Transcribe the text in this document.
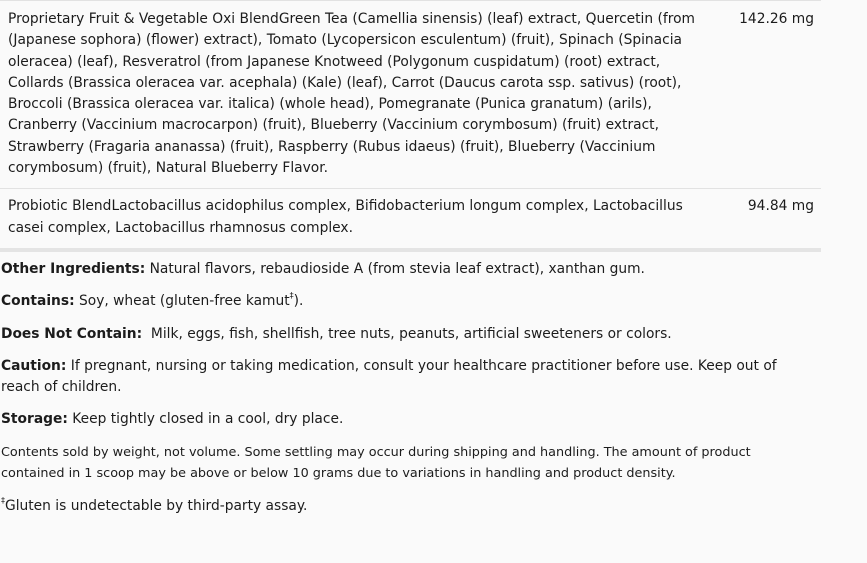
Proprietary Fruit & Vegetable Oxi BlendGreen Tea (Camellia sinensis) (leaf) extract, Quercetin (from (Japanese sophora) (flower) extract), Tomato (Lycopersicon esculentum) (fruit), Spinach (Spinacia oleracea) (leaf), Resveratrol (from Japanese Knotweed (Polygonum cuspidatum) (root) extract, Collards (Brassica oleracea var. acephala) (Kale) (leaf), Carrot (Daucus carota ssp. sativus) (root), Broccoli (Brassica oleracea var. italica) (whole head), Pomegranate (Punica granatum) (arils), Cranberry (Vaccinium macrocarpon) (fruit), Blueberry (Vaccinium corymbosum) (fruit) extract, Strawberry (Fragaria ananassa) (fruit), Raspberry (Rubus idaeus) (fruit), Blueberry (Vaccinium corymbosum) (fruit), Natural Blueberry Flavor.
142.26 mg
Probiotic BlendLactobacillus acidophilus complex, Bifidobacterium longum complex, Lactobacillus casei complex, Lactobacillus rhamnosus complex.
94.84 mg

Other Ingredients: Natural flavors, rebaudioside A (from stevia leaf extract), xanthan gum.

Contains: Soy, wheat (gluten-free kamut‡).

Does Not Contain:  Milk, eggs, fish, shellfish, tree nuts, peanuts, artificial sweeteners or colors.

Caution: If pregnant, nursing or taking medication, consult your healthcare practitioner before use. Keep out of reach of children.

Storage: Keep tightly closed in a cool, dry place.

Contents sold by weight, not volume. Some settling may occur during shipping and handling. The amount of product contained in 1 scoop may be above or below 10 grams due to variations in handling and product density.

‡Gluten is undetectable by third-party assay.
